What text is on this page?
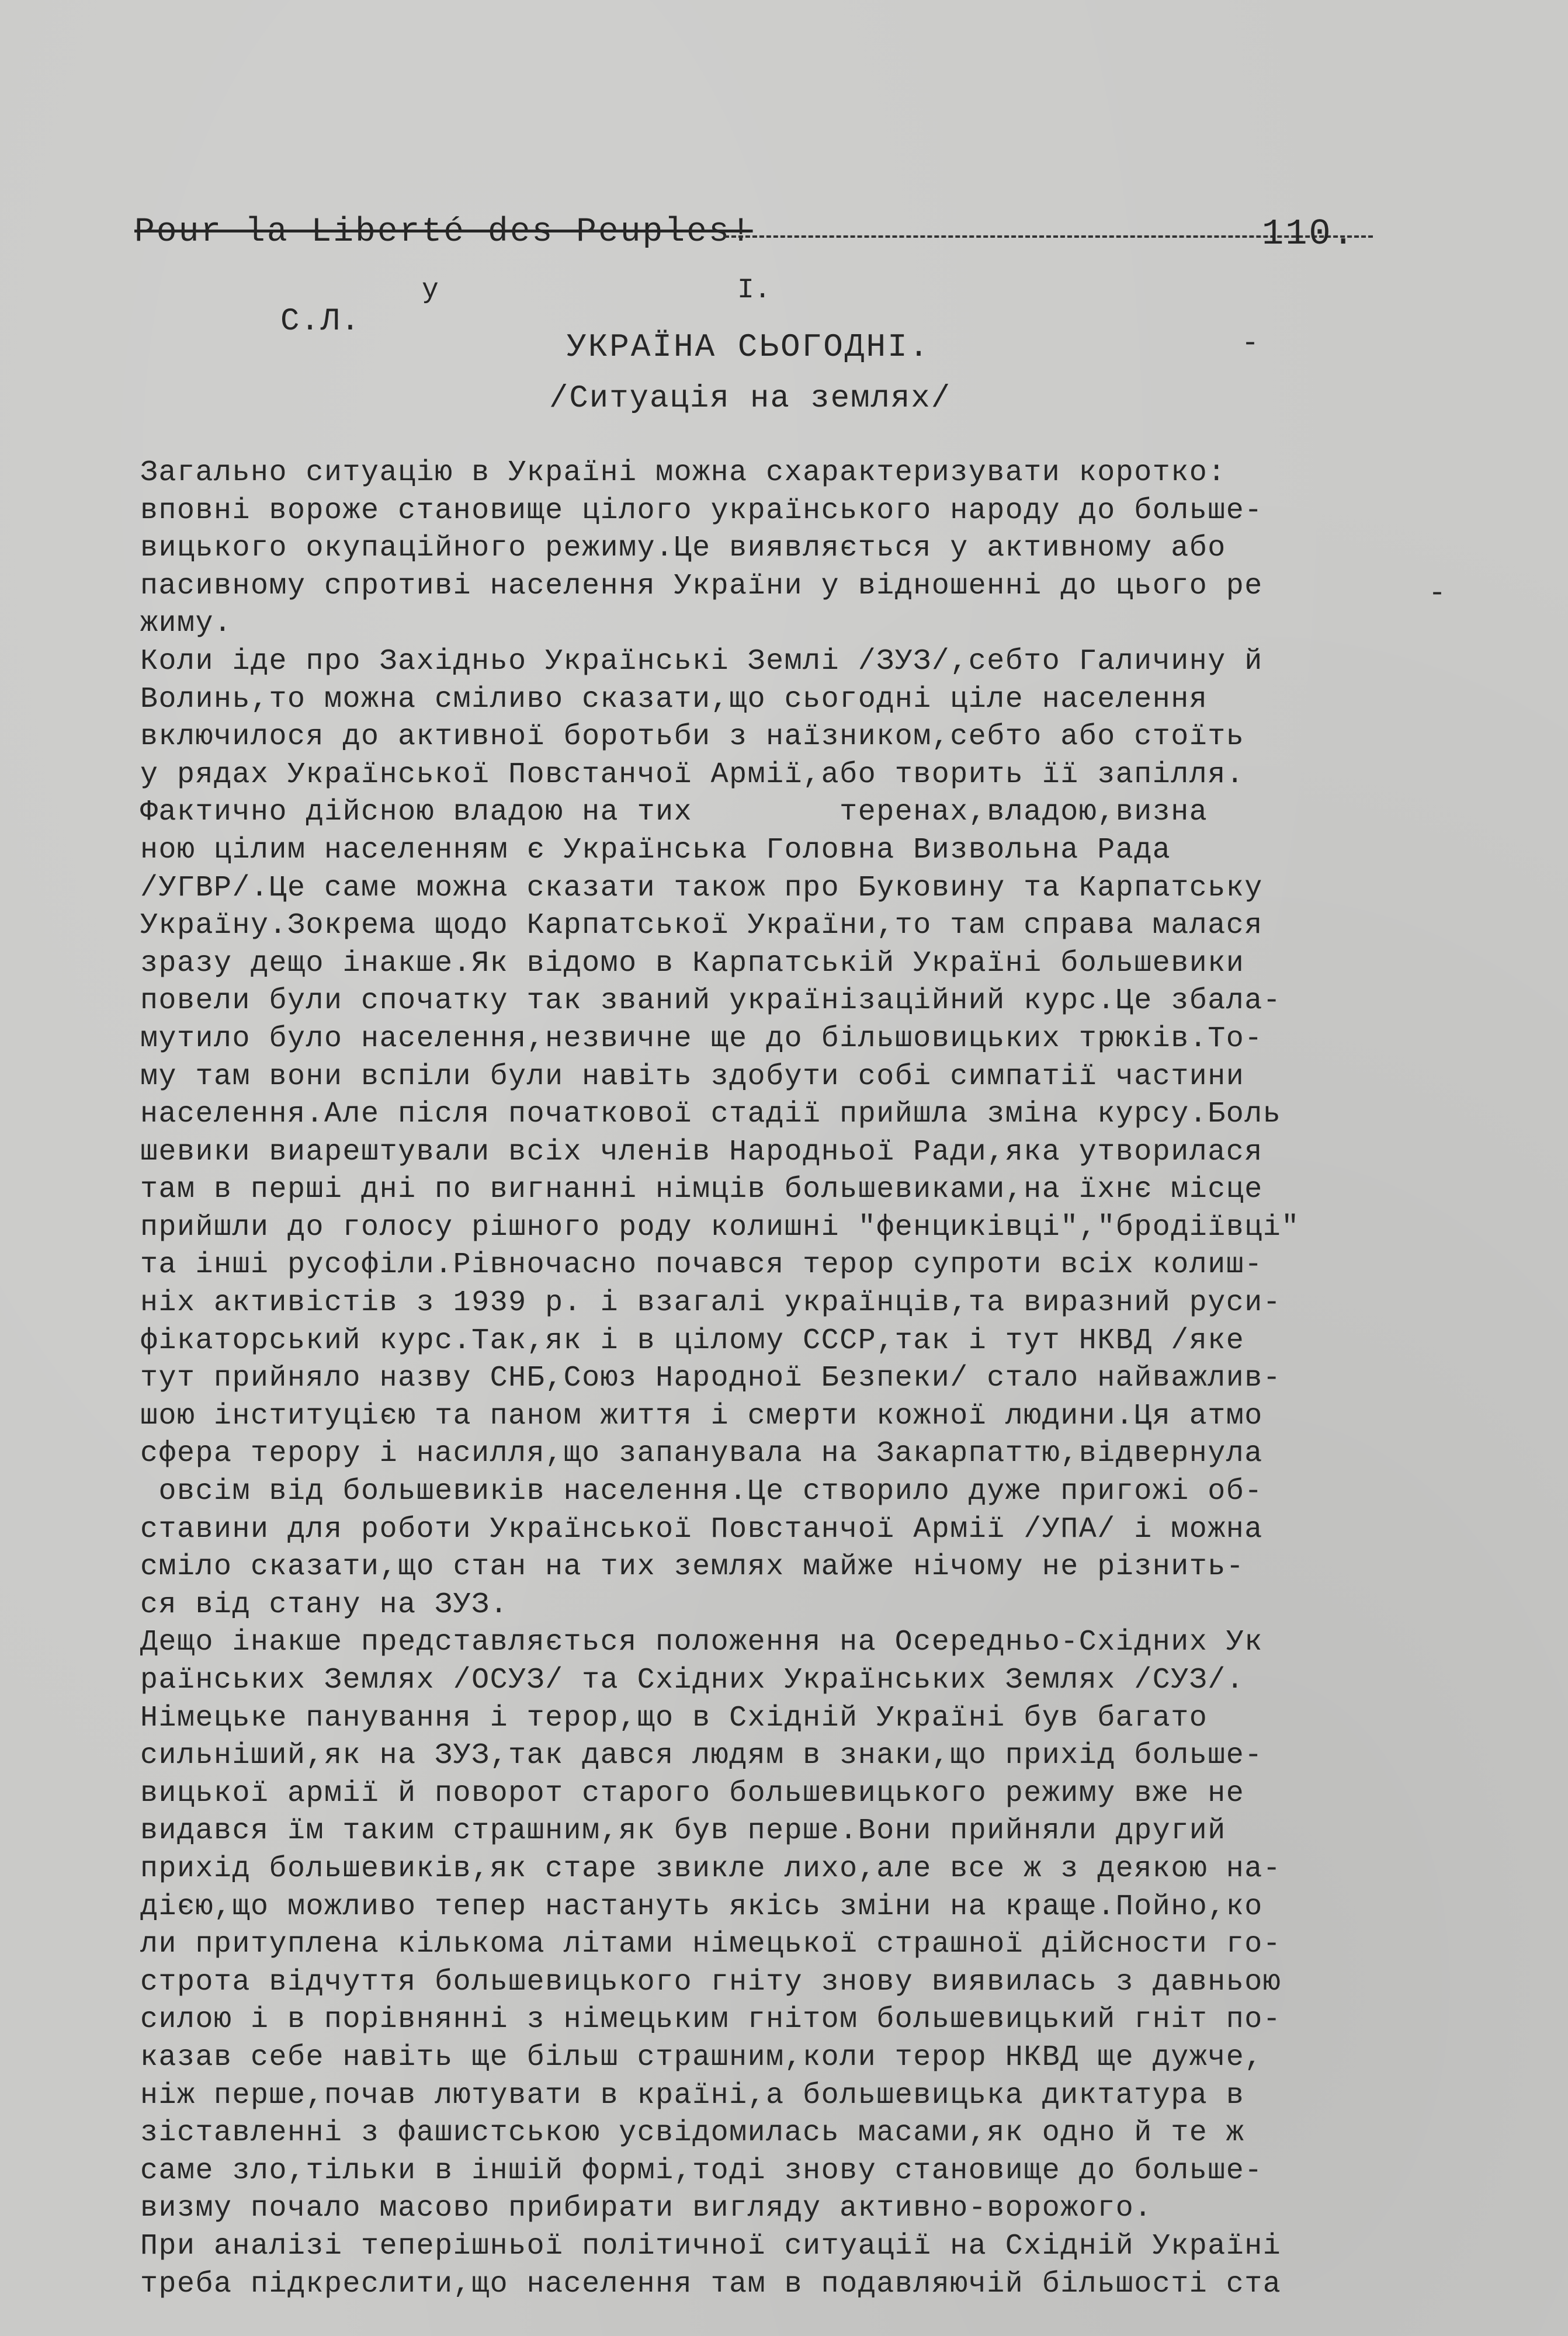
Pour la Liberté des Peuples!	110.
у	І.
С.Л.
УКРАЇНА СЬОГОДНІ.
/Ситуація на землях/
-
-
Загально ситуацію в Україні можна схарактеризувати коротко:
вповні вороже становище цілого українського народу до больше-
вицького окупаційного режиму.Це виявляється у активному або
пасивному спротиві населення України у відношенні до цього ре
жиму.
Коли іде про Західньо Українські Землі /ЗУЗ/,себто Галичину й
Волинь,то можна сміливо сказати,що сьогодні ціле населення
включилося до активної боротьби з наїзником,себто або стоїть
у рядах Української Повстанчої Армії,або творить її запілля.
Фактично дійсною владою на тих        теренах,владою,визна
ною цілим населенням є Українська Головна Визвольна Рада
/УГВР/.Це саме можна сказати також про Буковину та Карпатську
Україну.Зокрема щодо Карпатської України,то там справа малася
зразу дещо інакше.Як відомо в Карпатській Україні большевики
повели були спочатку так званий українізаційний курс.Це збала-
мутило було населення,незвичне ще до більшовицьких трюків.То-
му там вони вспіли були навіть здобути собі симпатії частини
населення.Але після початкової стадії прийшла зміна курсу.Боль
шевики виарештували всіх членів Народньої Ради,яка утворилася
там в перші дні по вигнанні німців большевиками,на їхнє місце
прийшли до голосу рішного роду колишні "фенциківці","бродіївці"
та інші русофіли.Рівночасно почався терор супроти всіх колиш-
ніх активістів з 1939 р. і взагалі українців,та виразний руси-
фікаторський курс.Так,як і в цілому СССР,так і тут НКВД /яке
тут прийняло назву СНБ,Союз Народної Безпеки/ стало найважлив-
шою інституцією та паном життя і смерти кожної людини.Ця атмо
сфера терору і насилля,що запанувала на Закарпаттю,відвернула
овсім від большевиків населення.Це створило дуже пригожі об-
ставини для роботи Української Повстанчої Армії /УПА/ і можна
сміло сказати,що стан на тих землях майже нічому не різнить-
ся від стану на ЗУЗ.
Дещо інакше представляється положення на Осередньо-Східних Ук
раїнських Землях /ОСУЗ/ та Східних Українських Землях /СУЗ/.
Німецьке панування і терор,що в Східній Україні був багато
сильніший,як на ЗУЗ,так дався людям в знаки,що прихід больше-
вицької армії й поворот старого большевицького режиму вже не
видався їм таким страшним,як був перше.Вони прийняли другий
прихід большевиків,як старе звикле лихо,але все ж з деякою на-
дією,що можливо тепер настануть якісь зміни на краще.Пойно,ко
ли притуплена кількома літами німецької страшної дійсности го-
строта відчуття большевицького гніту знову виявилась з давньою
силою і в порівнянні з німецьким гнітом большевицький гніт по-
казав себе навіть ще більш страшним,коли терор НКВД ще дужче,
ніж перше,почав лютувати в країні,а большевицька диктатура в
зіставленні з фашистською усвідомилась масами,як одно й те ж
саме зло,тільки в іншій формі,тоді знову становище до больше-
визму почало масово прибирати вигляду активно-ворожого.
При аналізі теперішньої політичної ситуації на Східній Україні
треба підкреслити,що населення там в подавляючій більшості ста
